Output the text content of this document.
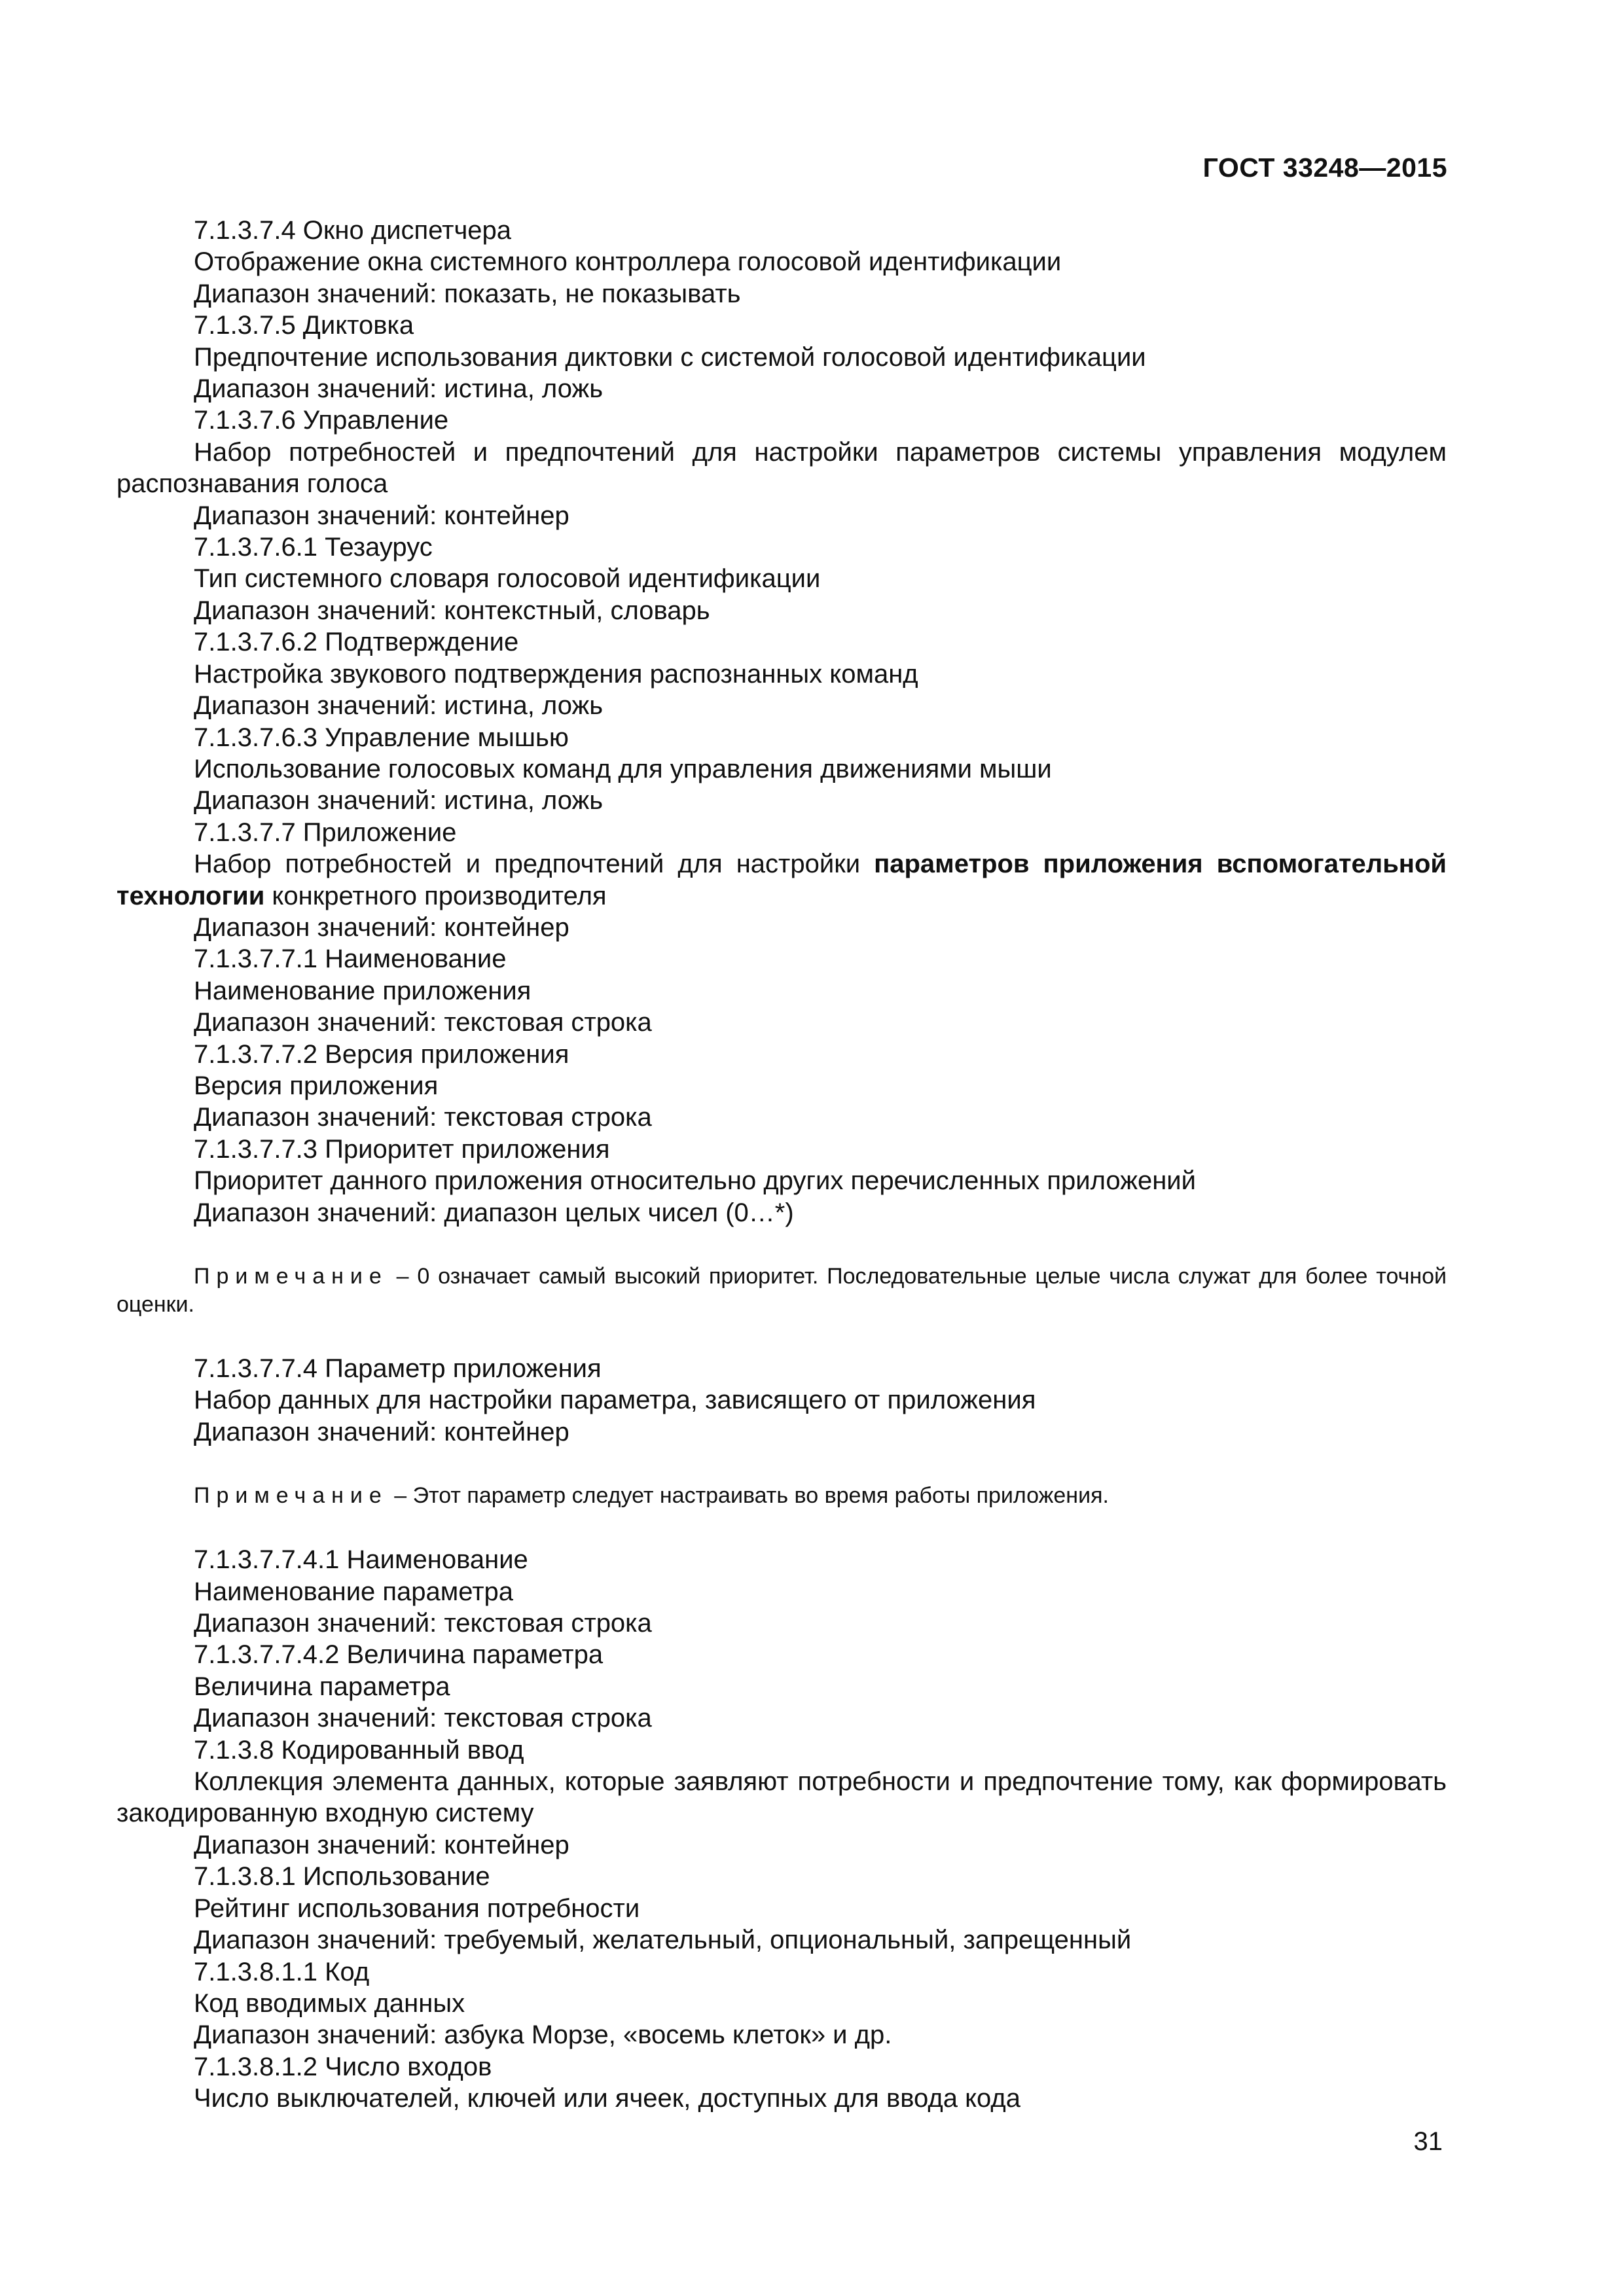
ГОСТ 33248—2015
7.1.3.7.4 Окно диспетчера
Отображение окна системного контроллера голосовой идентификации
Диапазон значений: показать, не показывать
7.1.3.7.5 Диктовка
Предпочтение использования диктовки с системой голосовой идентификации
Диапазон значений: истина, ложь
7.1.3.7.6 Управление
Набор потребностей и предпочтений для настройки параметров системы управления модулем распознавания голоса
Диапазон значений: контейнер
7.1.3.7.6.1 Тезаурус
Тип системного словаря голосовой идентификации
Диапазон значений: контекстный, словарь
7.1.3.7.6.2 Подтверждение
Настройка звукового подтверждения распознанных команд
Диапазон значений: истина, ложь
7.1.3.7.6.3 Управление мышью
Использование голосовых команд для управления движениями мыши
Диапазон значений: истина, ложь
7.1.3.7.7 Приложение
Набор потребностей и предпочтений для настройки параметров приложения вспомогательной технологии конкретного производителя
Диапазон значений: контейнер
7.1.3.7.7.1 Наименование
Наименование приложения
Диапазон значений: текстовая строка
7.1.3.7.7.2 Версия приложения
Версия приложения
Диапазон значений: текстовая строка
7.1.3.7.7.3 Приоритет приложения
Приоритет данного приложения относительно других перечисленных приложений
Диапазон значений: диапазон целых чисел (0…*)
Примечание – 0 означает самый высокий приоритет. Последовательные целые числа служат для более точной оценки.
7.1.3.7.7.4 Параметр приложения
Набор данных для настройки параметра, зависящего от приложения
Диапазон значений: контейнер
Примечание – Этот параметр следует настраивать во время работы приложения.
7.1.3.7.7.4.1 Наименование
Наименование параметра
Диапазон значений: текстовая строка
7.1.3.7.7.4.2 Величина параметра
Величина параметра
Диапазон значений: текстовая строка
7.1.3.8 Кодированный ввод
Коллекция элемента данных, которые заявляют потребности и предпочтение тому, как формировать закодированную входную систему
Диапазон значений: контейнер
7.1.3.8.1 Использование
Рейтинг использования потребности
Диапазон значений: требуемый, желательный, опциональный, запрещенный
7.1.3.8.1.1 Код
Код вводимых данных
Диапазон значений: азбука Морзе, «восемь клеток» и др.
7.1.3.8.1.2 Число входов
Число выключателей, ключей или ячеек, доступных для ввода кода
31
